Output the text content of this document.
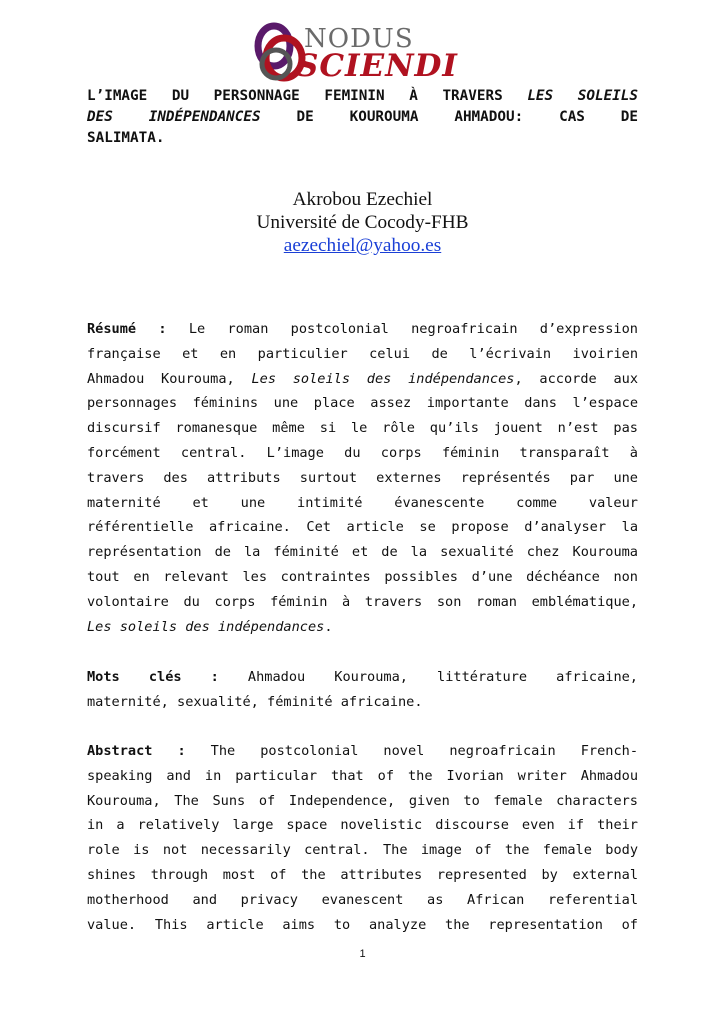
NODUS
SCIENDI
L’IMAGE DU PERSONNAGE FEMININ À TRAVERS LES SOLEILS
DES INDÉPENDANCES	DE KOUROUMA AHMADOU: CAS DE
SALIMATA.
Akrobou Ezechiel
Université de Cocody-FHB
aezechiel@yahoo.es
Résumé : Le roman postcolonial negroafricain d’expression
française et en particulier celui de l’écrivain ivoirien
Ahmadou Kourouma, Les soleils des indépendances, accorde aux
personnages féminins une place assez importante dans l’espace
discursif romanesque même si le rôle qu’ils jouent n’est pas
forcément central. L’image du corps féminin transparaît à
travers des attributs surtout externes représentés par une
maternité et une intimité évanescente comme valeur
référentielle africaine. Cet article se propose d’analyser la
représentation de la féminité et de la sexualité chez Kourouma
tout en relevant les contraintes possibles d’une déchéance non
volontaire du corps féminin à travers son roman emblématique,
Les soleils des indépendances.
Mots clés : Ahmadou Kourouma, littérature africaine,
maternité, sexualité, féminité africaine.
Abstract : The postcolonial novel negroafricain French-
speaking and in particular that of the Ivorian writer Ahmadou
Kourouma, The Suns of Independence, given to female characters
in a relatively large space novelistic discourse even if their
role is not necessarily central. The image of the female body
shines through most of the attributes represented by external
motherhood and privacy evanescent as African referential
value. This article aims to analyze the representation of
1
